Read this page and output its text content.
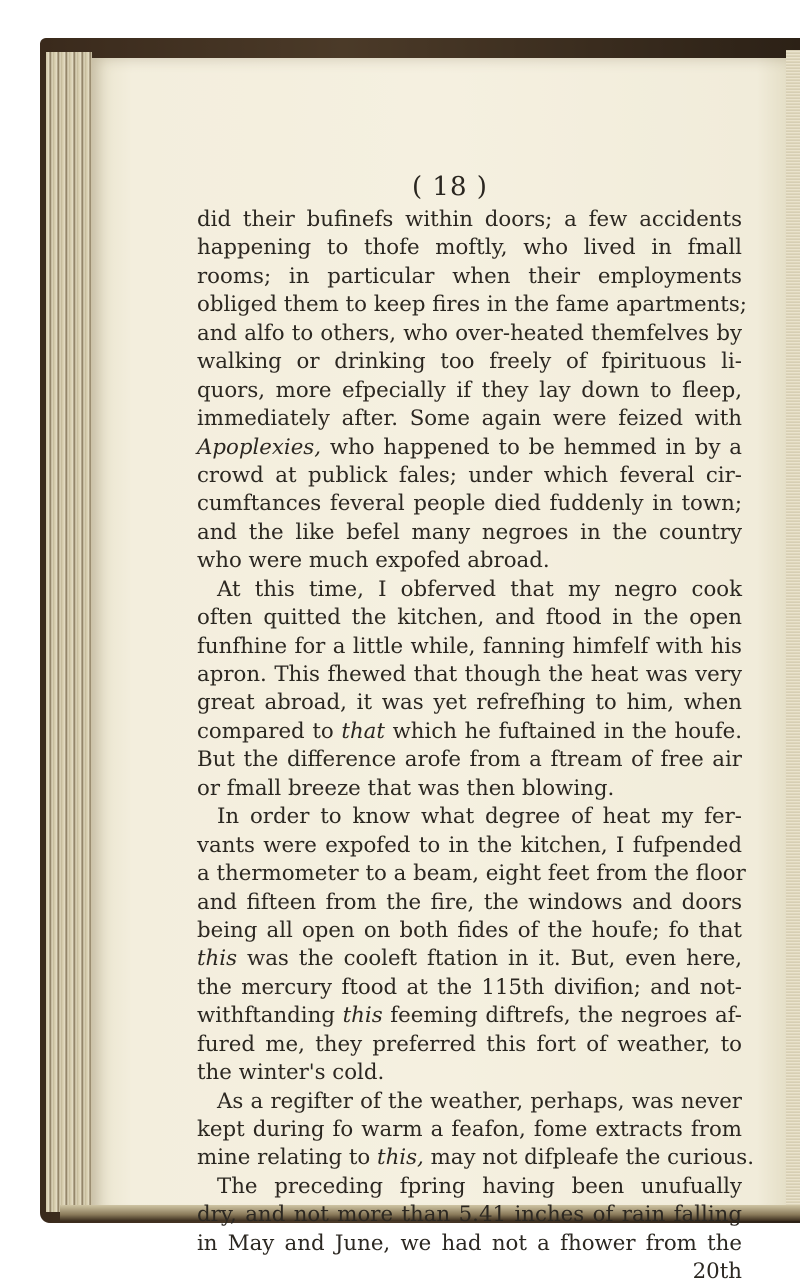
( 18 )
did their bufinefs within doors; a few accidents
happening to thofe moftly, who lived in fmall
rooms; in particular when their employments
obliged them to keep fires in the fame apartments;
and alfo to others, who over-heated themfelves by
walking or drinking too freely of fpirituous li-
quors, more efpecially if they lay down to fleep,
immediately after. Some again were feized with
Apoplexies, who happened to be hemmed in by a
crowd at publick fales; under which feveral cir-
cumftances feveral people died fuddenly in town;
and the like befel many negroes in the country
who were much expofed abroad.
At this time, I obferved that my negro cook
often quitted the kitchen, and ftood in the open
funfhine for a little while, fanning himfelf with his
apron. This fhewed that though the heat was very
great abroad, it was yet refrefhing to him, when
compared to that which he fuftained in the houfe.
But the difference arofe from a ftream of free air
or fmall breeze that was then blowing.
In order to know what degree of heat my fer-
vants were expofed to in the kitchen, I fufpended
a thermometer to a beam, eight feet from the floor
and fifteen from the fire, the windows and doors
being all open on both fides of the houfe; fo that
this was the cooleft ftation in it. But, even here,
the mercury ftood at the 115th divifion; and not-
withftanding this feeming diftrefs, the negroes af-
fured me, they preferred this fort of weather, to
the winter's cold.
As a regifter of the weather, perhaps, was never
kept during fo warm a feafon, fome extracts from
mine relating to this, may not difpleafe the curious.
The preceding fpring having been unufually
dry, and not more than 5.41 inches of rain falling
in May and June, we had not a fhower from the
20th
